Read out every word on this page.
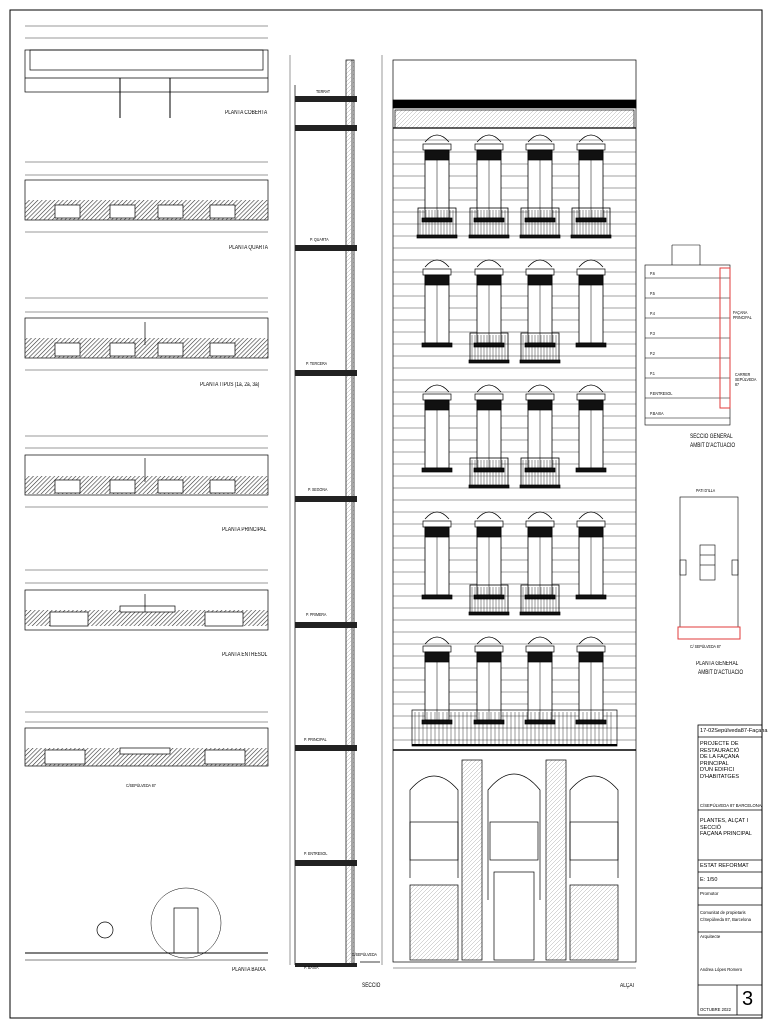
PLANTA COBERTA
PLANTA QUARTA
PLANTA TIPUS (1a, 2a, 3a)
PLANTA PRINCIPAL
PLANTA ENTRESOL
C/SEPÚLVEDA 87
PLANTA BAIXA
TERRAT
P. QUARTA
P. TERCERA
P. SEGONA
P. PRIMERA
P. PRINCIPAL
P. ENTRESOL
P. BAIXA
C/SEPÚLVEDA
SECCIÓ	ALÇAT
P.6
P.5
P.4
P.3
P.2
P.1
P.ENTRESOL
P.BAIXA
FAÇANA PRINCIPAL
CARRER SEPÚLVEDA 87
SECCIÓ GENERAL
ÀMBIT D'ACTUACIÓ
PATI D'ILLA
C/ SEPÚLVEDA 87
PLANTA GENERAL
ÀMBIT D'ACTUACIÓ
17-02Sepúlveda87-Façana
PROJECTE DE RESTAURACIÓ
DE LA FAÇANA PRINCIPAL
D'UN EDIFICI D'HABITATGES
C/SEPÚLVEDA 87 BARCELONA
PLANTES, ALÇAT I SECCIÓ
FAÇANA PRINCIPAL
ESTAT REFORMAT
E: 1/50
Promotor
Comunitat de propietaris
C/Sepúlveda 87, Barcelona
Arquitecte
Andrea Lópes Romero
OCTUBRE 2022 3
